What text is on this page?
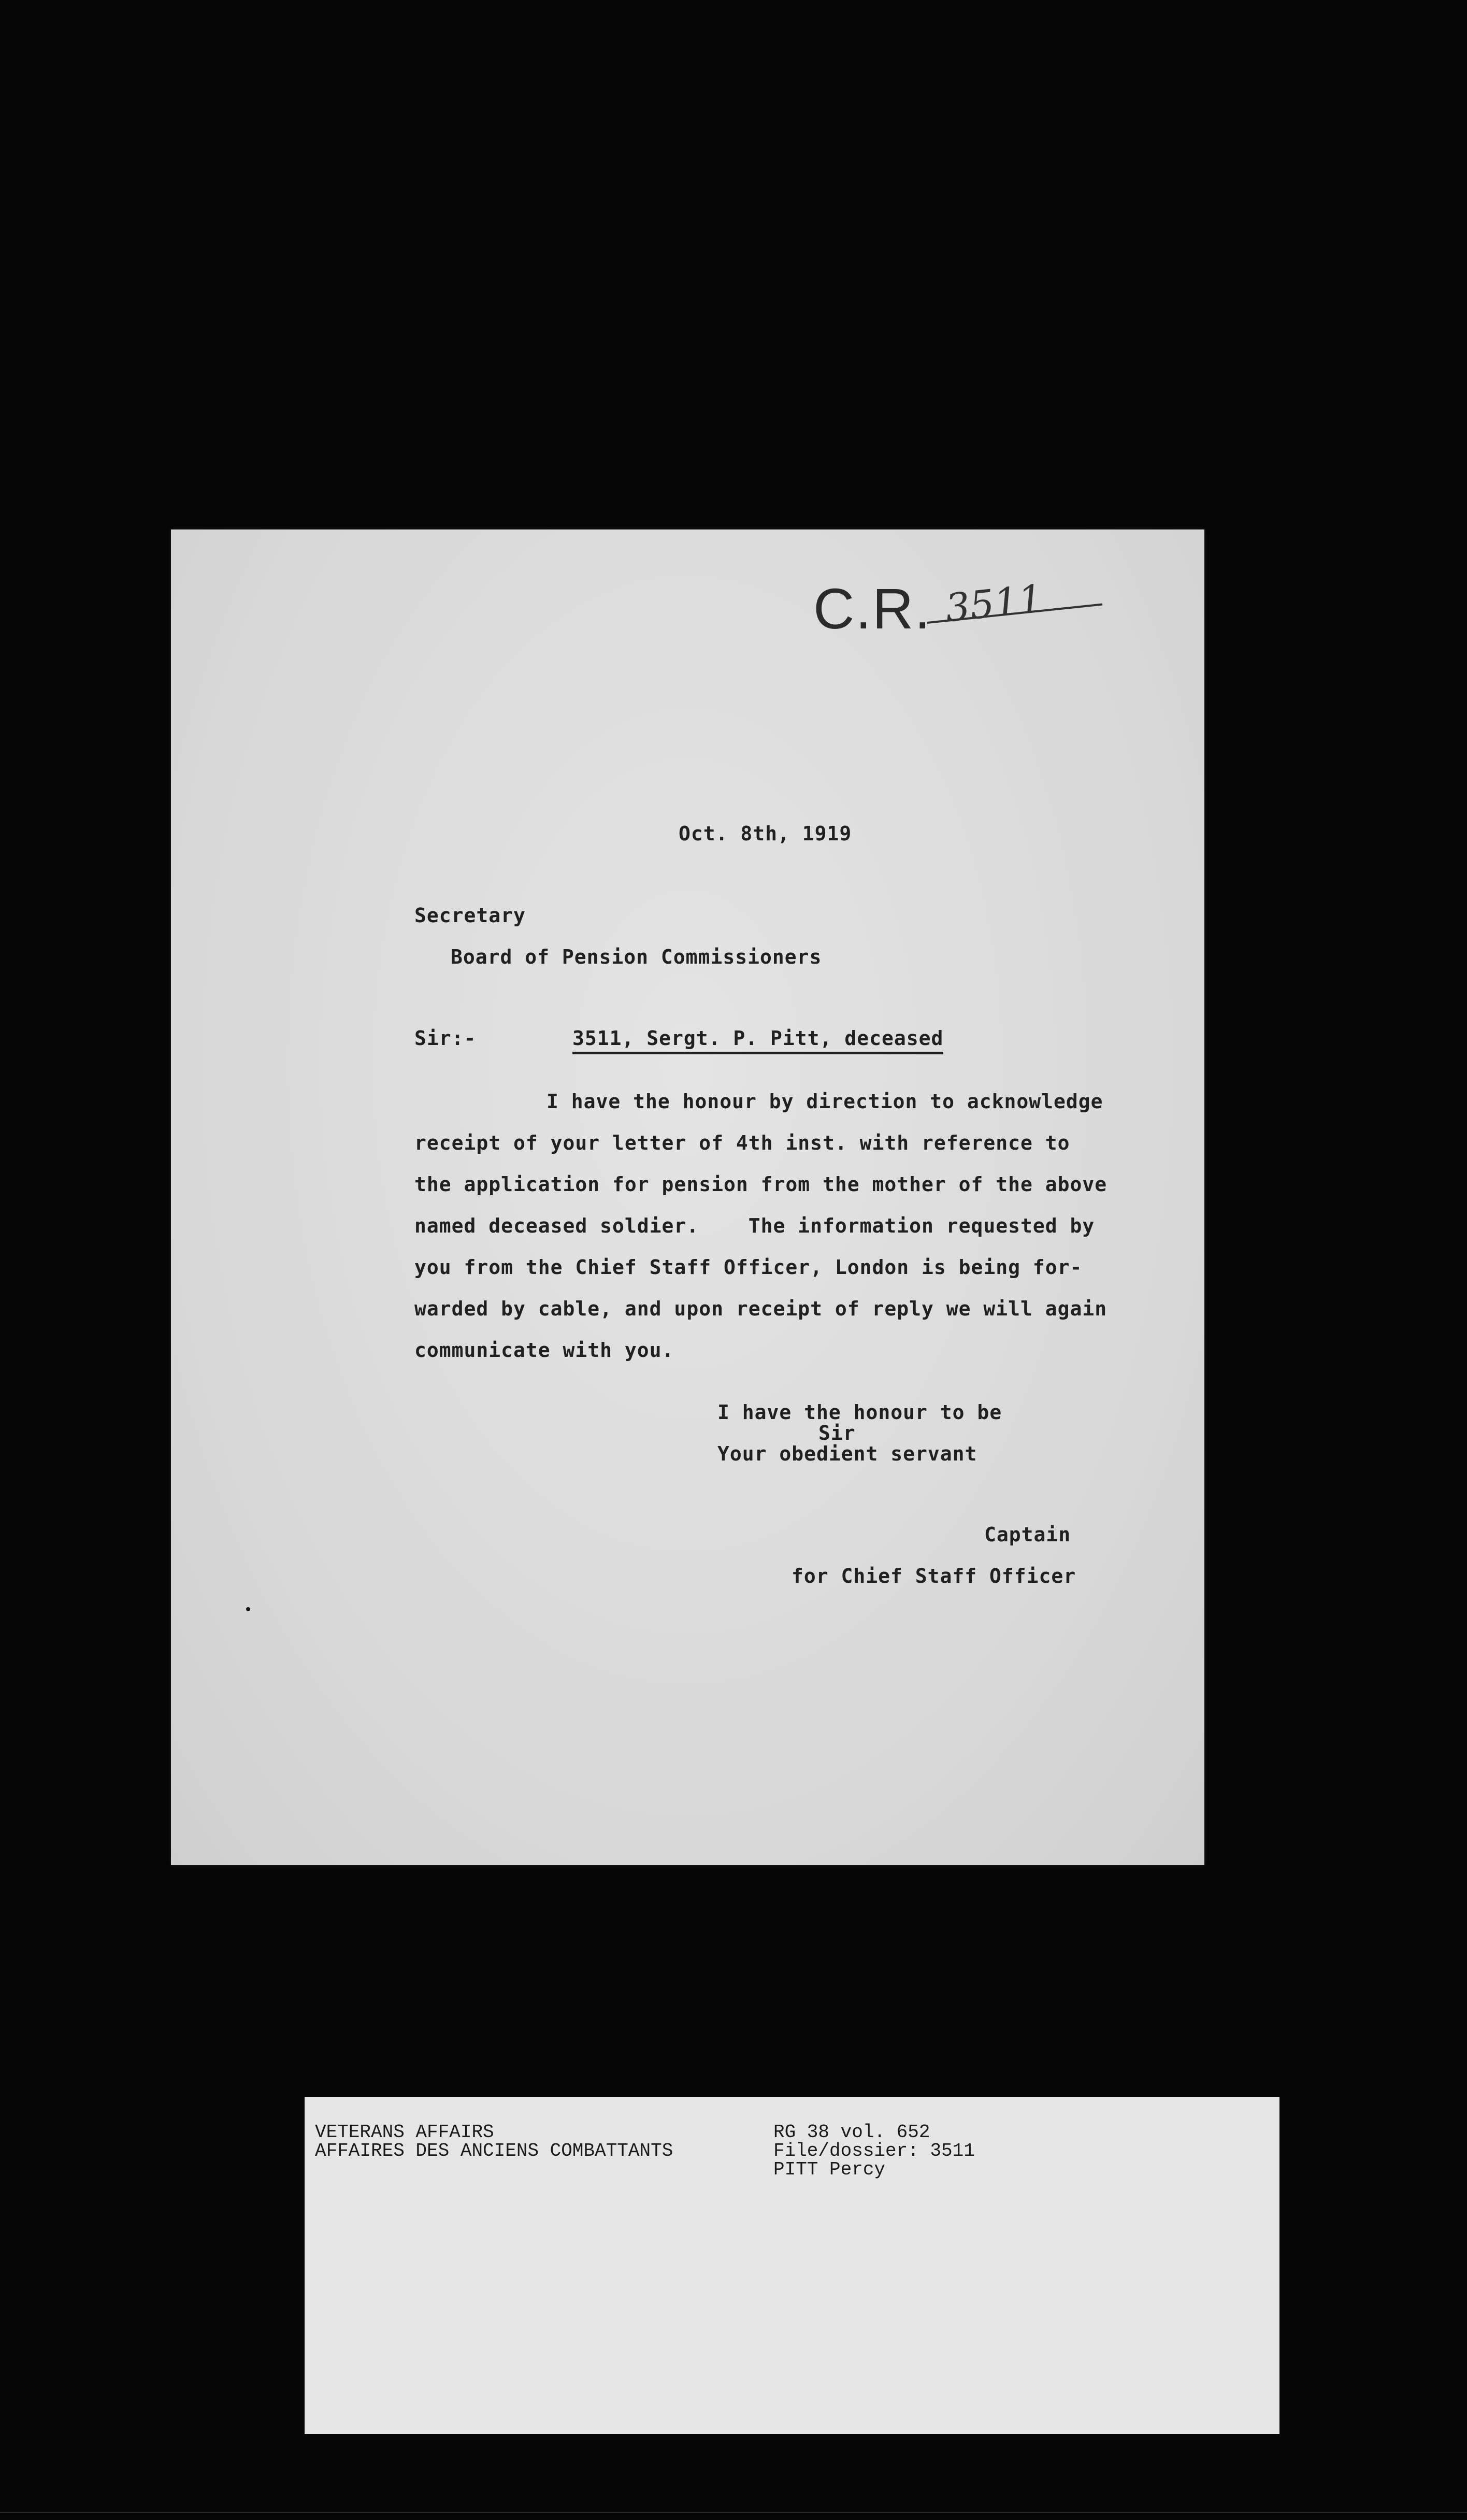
C.R. 3511
Oct. 8th, 1919
Secretary
Board of Pension Commissioners
Sir:-	3511, Sergt. P. Pitt, deceased
I have the honour by direction to acknowledge
receipt of your letter of 4th inst. with reference to
the application for pension from the mother of the above
named deceased soldier.    The information requested by
you from the Chief Staff Officer, London is being for-
warded by cable, and upon receipt of reply we will again
communicate with you.
I have the honour to be
Sir
Your obedient servant
Captain
for Chief Staff Officer
VETERANS AFFAIRS
AFFAIRES DES ANCIENS COMBATTANTS
RG 38 vol. 652
File/dossier: 3511
PITT Percy
